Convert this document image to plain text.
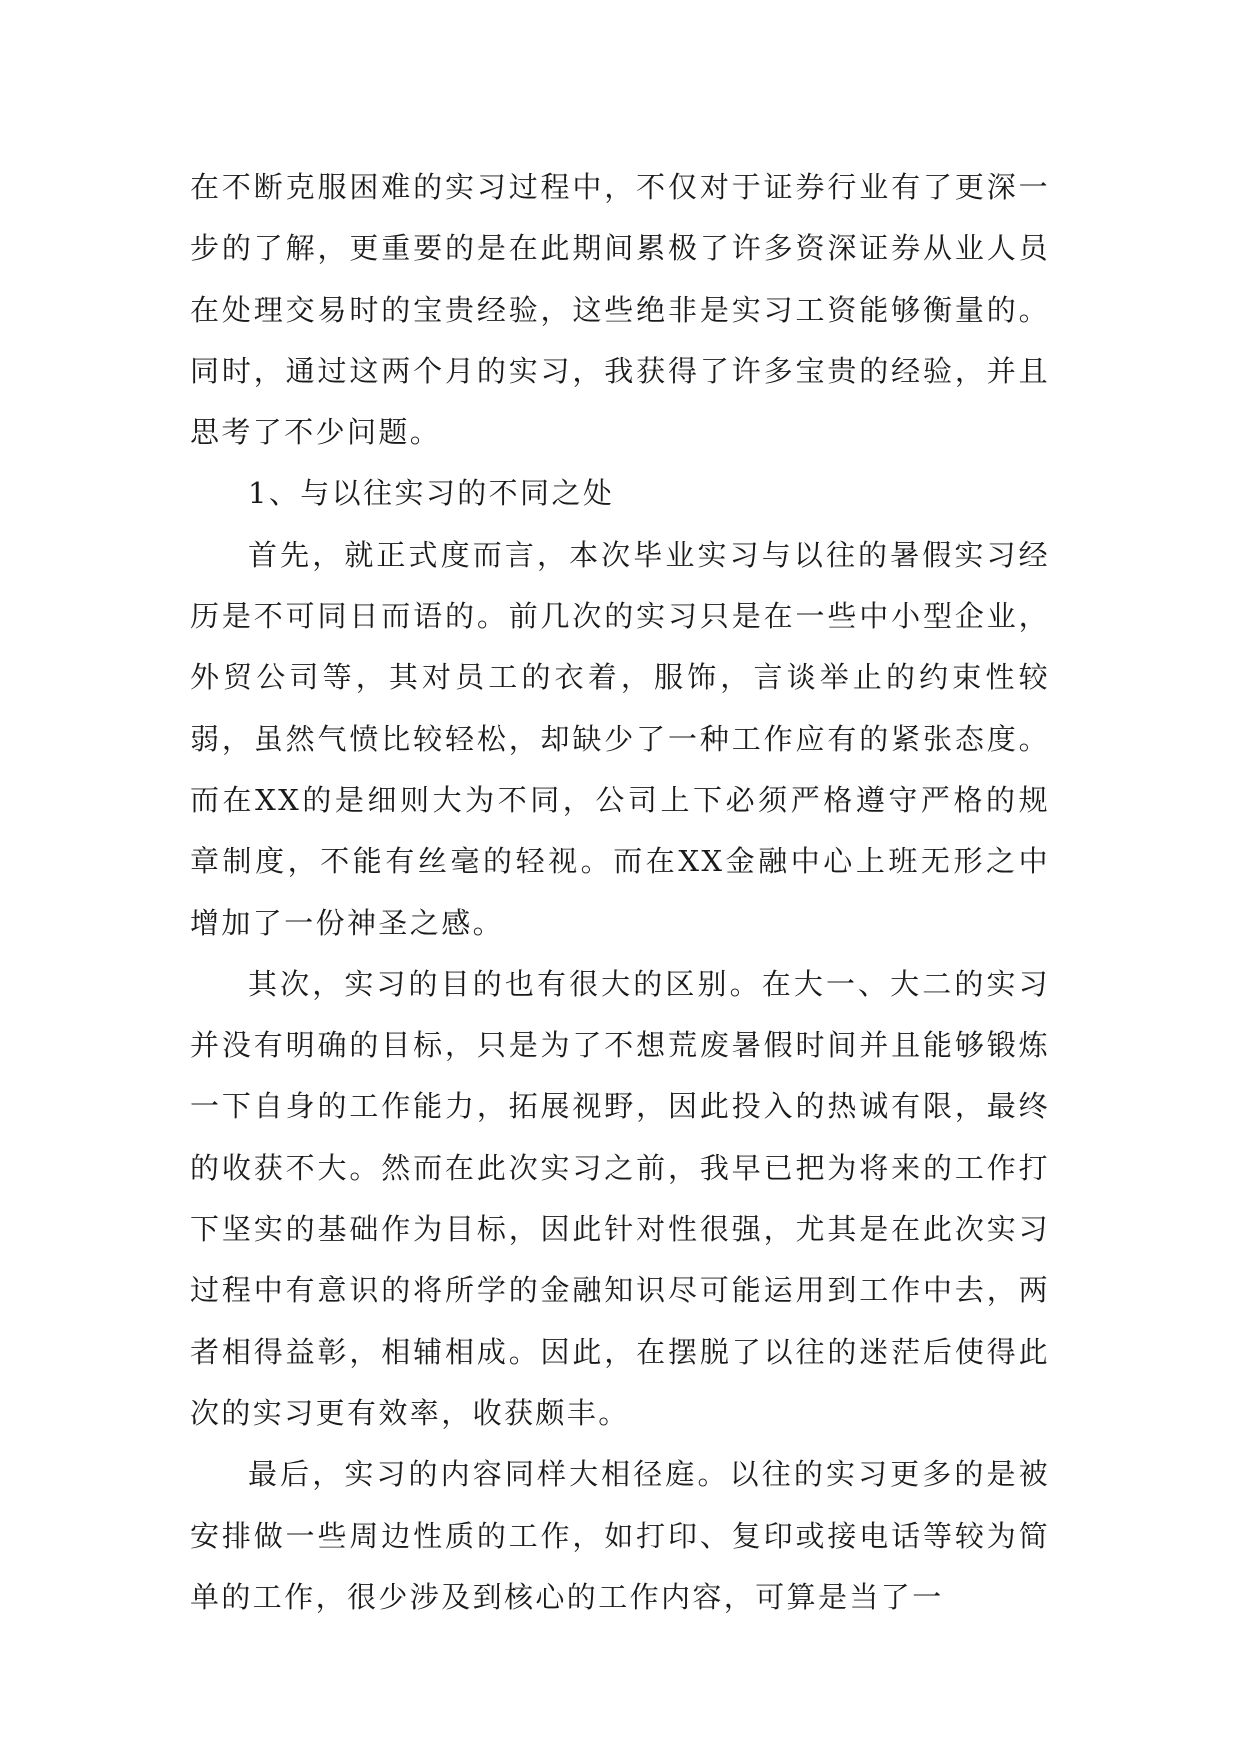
在不断克服困难的实习过程中，不仅对于证券行业有了更深一步的了解，更重要的是在此期间累极了许多资深证券从业人员在处理交易时的宝贵经验，这些绝非是实习工资能够衡量的。同时，通过这两个月的实习，我获得了许多宝贵的经验，并且思考了不少问题。

1、与以往实习的不同之处

首先，就正式度而言，本次毕业实习与以往的暑假实习经历是不可同日而语的。前几次的实习只是在一些中小型企业，外贸公司等，其对员工的衣着，服饰，言谈举止的约束性较弱，虽然气愤比较轻松，却缺少了一种工作应有的紧张态度。而在XX的是细则大为不同，公司上下必须严格遵守严格的规章制度，不能有丝毫的轻视。而在XX金融中心上班无形之中增加了一份神圣之感。

其次，实习的目的也有很大的区别。在大一、大二的实习并没有明确的目标，只是为了不想荒废暑假时间并且能够锻炼一下自身的工作能力，拓展视野，因此投入的热诚有限，最终的收获不大。然而在此次实习之前，我早已把为将来的工作打下坚实的基础作为目标，因此针对性很强，尤其是在此次实习过程中有意识的将所学的金融知识尽可能运用到工作中去，两者相得益彰，相辅相成。因此，在摆脱了以往的迷茫后使得此次的实习更有效率，收获颇丰。

最后，实习的内容同样大相径庭。以往的实习更多的是被安排做一些周边性质的工作，如打印、复印或接电话等较为简单的工作，很少涉及到核心的工作内容，可算是当了一
